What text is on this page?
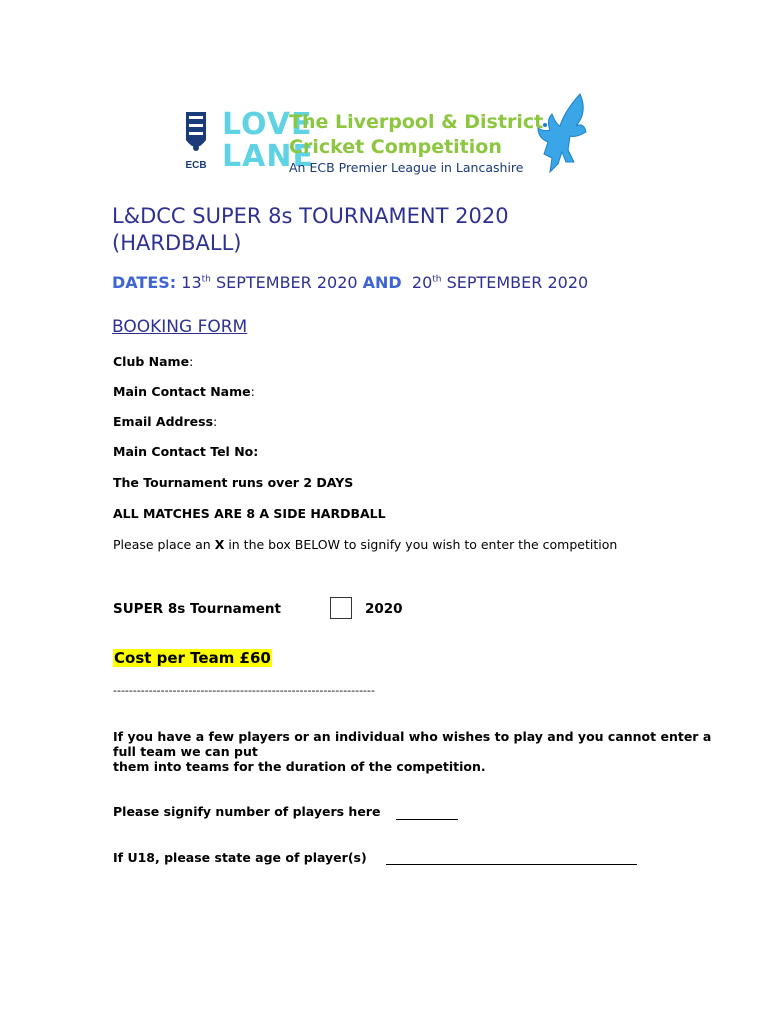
ECB
LOVE
LANE
The Liverpool & District
Cricket Competition
An ECB Premier League in Lancashire
L&DCC SUPER 8s TOURNAMENT 2020
(HARDBALL)
DATES: 13th SEPTEMBER 2020 AND 20th SEPTEMBER 2020
BOOKING FORM
Club Name:
Main Contact Name:
Email Address:
Main Contact Tel No:
The Tournament runs over 2 DAYS
ALL MATCHES ARE 8 A SIDE HARDBALL
Please place an X in the box BELOW to signify you wish to enter the competition
SUPER 8s Tournament	2020
Cost per Team £60
------------------------------------------------------------------
If you have a few players or an individual who wishes to play and you cannot enter a full team we can put
them into teams for the duration of the competition.
Please signify number of players here
If U18, please state age of player(s)
